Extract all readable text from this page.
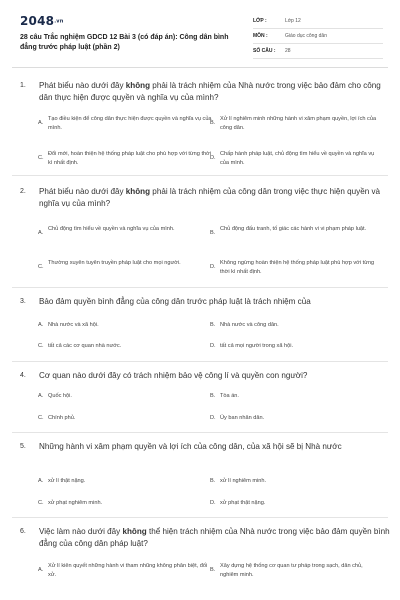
2048.vn
28 câu Trắc nghiệm GDCD 12 Bài 3 (có đáp án): Công dân bình đẳng trước pháp luật (phần 2)
LỚP :	Lớp 12
MÔN :	Giáo dục công dân
SỐ CÂU :	28
1.	Phát biểu nào dưới đây không phải là trách nhiệm của Nhà nước trong việc bảo đảm cho công dân thực hiện được quyền và nghĩa vụ của mình?
A.
Tạo điều kiện để công dân thực hiện được quyền và nghĩa vụ của mình.
B.
Xử lí nghiêm minh những hành vi xâm phạm quyền, lợi ích của công dân.
C.
Đổi mới, hoàn thiện hệ thống pháp luật cho phù hợp với từng thời kì nhất định.
D.
Chấp hành pháp luật, chủ động tìm hiểu về quyền và nghĩa vụ của mình.
2.	Phát biểu nào dưới đây không phải là trách nhiệm của công dân trong việc thực hiện quyền và nghĩa vụ của mình?
A.
Chủ động tìm hiểu về quyền và nghĩa vụ của mình.
B.
Chủ động đấu tranh, tố giác các hành vi vi phạm pháp luật.
C.
Thường xuyên tuyên truyền pháp luật cho mọi người.
D.
Không ngừng hoàn thiện hệ thống pháp luật phù hợp với từng thời kì nhất định.
3.	Bảo đảm quyền bình đẳng của công dân trước pháp luật là trách nhiệm của
A. Nhà nước và xã hội.	B. Nhà nước và công dân.
C. tất cả các cơ quan nhà nước.	D. tất cả mọi người trong xã hội.
4.	Cơ quan nào dưới đây có trách nhiệm bảo vệ công lí và quyền con người?
A. Quốc hội.	B. Tòa án.
C. Chính phủ.	D. Ủy ban nhân dân.
5.	Những hành vi xâm phạm quyền và lợi ích của công dân, của xã hội sẽ bị Nhà nước
A. xử lí thật nặng.	B. xử lí nghiêm minh.
C. xử phạt nghiêm minh.	D. xử phạt thật nặng.
6.	Việc làm nào dưới đây không thể hiện trách nhiệm của Nhà nước trong việc bảo đảm quyền bình đẳng của công dân pháp luật?
A.
Xử lí kiên quyết những hành vi tham nhũng không phân biệt, đối xử.
B.
Xây dựng hệ thống cơ quan tư pháp trong sạch, dân chủ, nghiêm minh.
